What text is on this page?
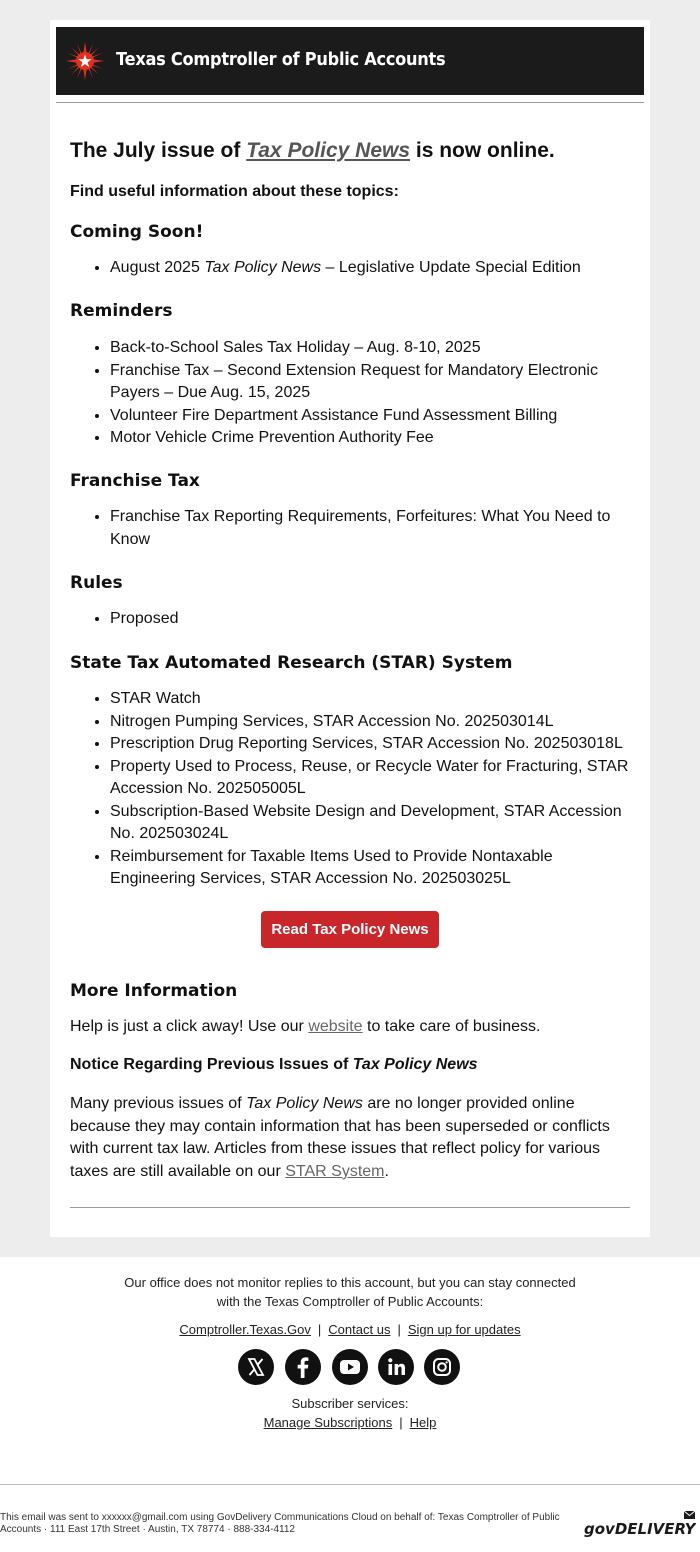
Texas Comptroller of Public Accounts
The July issue of Tax Policy News is now online.
Find useful information about these topics:
Coming Soon!
• August 2025 Tax Policy News – Legislative Update Special Edition
Reminders
• Back-to-School Sales Tax Holiday – Aug. 8-10, 2025
• Franchise Tax – Second Extension Request for Mandatory Electronic Payers – Due Aug. 15, 2025
• Volunteer Fire Department Assistance Fund Assessment Billing
• Motor Vehicle Crime Prevention Authority Fee
Franchise Tax
• Franchise Tax Reporting Requirements, Forfeitures: What You Need to Know
Rules
• Proposed
State Tax Automated Research (STAR) System
• STAR Watch
• Nitrogen Pumping Services, STAR Accession No. 202503014L
• Prescription Drug Reporting Services, STAR Accession No. 202503018L
• Property Used to Process, Reuse, or Recycle Water for Fracturing, STAR Accession No. 202505005L
• Subscription-Based Website Design and Development, STAR Accession No. 202503024L
• Reimbursement for Taxable Items Used to Provide Nontaxable Engineering Services, STAR Accession No. 202503025L
Read Tax Policy News
More Information
Help is just a click away! Use our website to take care of business.
Notice Regarding Previous Issues of Tax Policy News
Many previous issues of Tax Policy News are no longer provided online because they may contain information that has been superseded or conflicts with current tax law. Articles from these issues that reflect policy for various taxes are still available on our STAR System.
Our office does not monitor replies to this account, but you can stay connected
with the Texas Comptroller of Public Accounts:
Comptroller.Texas.Gov | Contact us | Sign up for updates
Subscriber services:
Manage Subscriptions | Help
This email was sent to xxxxxx@gmail.com using GovDelivery Communications Cloud on behalf of: Texas Comptroller of Public Accounts · 111 East 17th Street · Austin, TX 78774 · 888-334-4112	govDELIVERY
